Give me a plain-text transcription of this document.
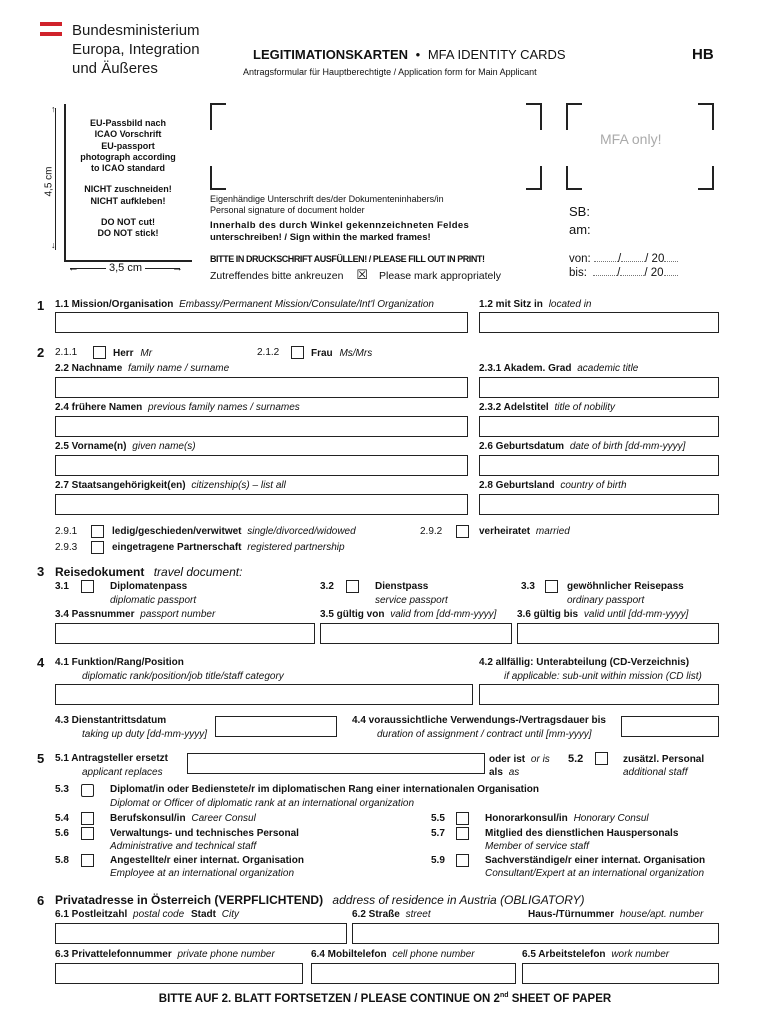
Bundesministerium
Europa, Integration
und Äußeres
LEGITIMATIONSKARTEN • MFA IDENTITY CARDS	HB
Antragsformular für Hauptberechtigte / Application form for Main Applicant
↑
↓
4,5 cm
←	→
3,5 cm
EU-Passbild nach
ICAO Vorschrift
EU-passport
photograph according
to ICAO standard
NICHT zuschneiden!
NICHT aufkleben!
DO NOT cut!
DO NOT stick!
Eigenhändige Unterschrift des/der Dokumenteninhabers/in
Personal signature of document holder
Innerhalb des durch Winkel gekennzeichneten Feldes
unterschreiben! / Sign within the marked frames!
BITTE IN DRUCKSCHRIFT AUSFÜLLEN! / PLEASE FILL OUT IN PRINT!
Zutreffendes bitte ankreuzen ☒ Please mark appropriately
MFA only!
SB:
am:
von: / / 20
bis:	/ / 20
1 1.1 Mission/Organisation Embassy/Permanent Mission/Consulate/Int'l Organization	1.2 mit Sitz in located in
2 2.1.1	Herr Mr	2.1.2	Frau Ms/Mrs
2.2 Nachname family name / surname	2.3.1 Akadem. Grad academic title
2.4 frühere Namen previous family names / surnames	2.3.2 Adelstitel title of nobility
2.5 Vorname(n) given name(s)	2.6 Geburtsdatum date of birth [dd-mm-yyyy]
2.7 Staatsangehörigkeit(en) citizenship(s) – list all	2.8 Geburtsland country of birth
2.9.1	ledig/geschieden/verwitwet single/divorced/widowed	2.9.2	verheiratet married
2.9.3	eingetragene Partnerschaft registered partnership
3 Reisedokument travel document:
3.1	Diplomatenpass
diplomatic passport
3.2	Dienstpass
service passport
3.3	gewöhnlicher Reisepass
ordinary passport
3.4 Passnummer passport number	3.5 gültig von valid from [dd-mm-yyyy] 3.6 gültig bis valid until [dd-mm-yyyy]
4 4.1 Funktion/Rang/Position
diplomatic rank/position/job title/staff category
4.2 allfällig: Unterabteilung (CD-Verzeichnis)
if applicable: sub-unit within mission (CD list)
4.3 Dienstantrittsdatum
taking up duty [dd-mm-yyyy]
4.4 voraussichtliche Verwendungs-/Vertragsdauer bis
duration of assignment / contract until [mm-yyyy]
5 5.1 Antragsteller ersetzt
applicant replaces
oder ist or is
als as
5.2	zusätzl. Personal
additional staff
5.3	Diplomat/in oder Bedienstete/r im diplomatischen Rang einer internationalen Organisation
Diplomat or Officer of diplomatic rank at an international organization
5.4	Berufskonsul/in Career Consul	5.5	Honorarkonsul/in Honorary Consul
5.6	Verwaltungs- und technisches Personal
Administrative and technical staff
5.7	Mitglied des dienstlichen Hauspersonals
Member of service staff
5.8	Angestellte/r einer internat. Organisation
Employee at an international organization
5.9	Sachverständige/r einer internat. Organisation
Consultant/Expert at an international organization
6 Privatadresse in Österreich (VERPFLICHTEND) address of residence in Austria (OBLIGATORY)
6.1 Postleitzahl postal code Stadt City	6.2 Straße street	Haus-/Türnummer house/apt. number
6.3 Privattelefonnummer private phone number	6.4 Mobiltelefon cell phone number	6.5 Arbeitstelefon work number
BITTE AUF 2. BLATT FORTSETZEN / PLEASE CONTINUE ON 2nd SHEET OF PAPER
